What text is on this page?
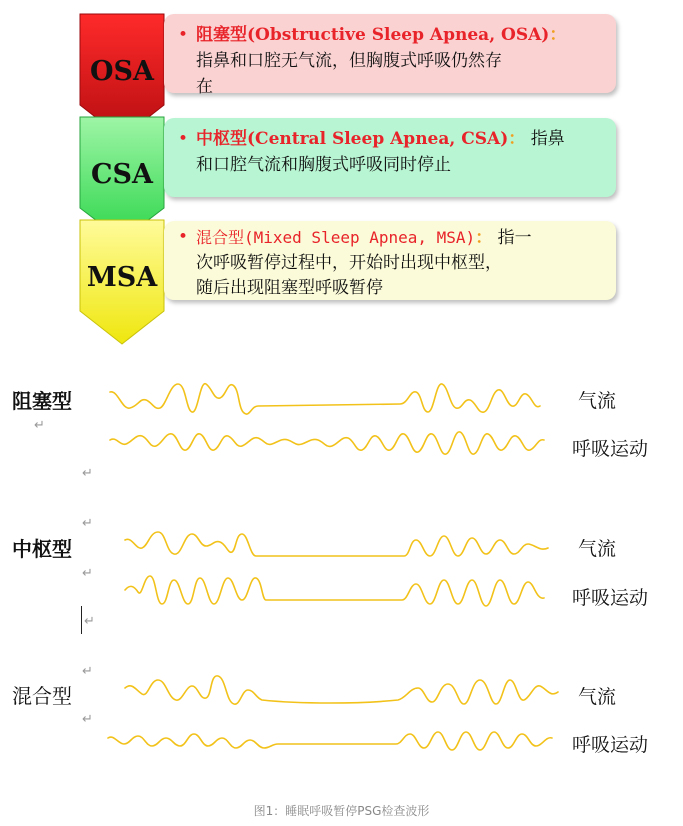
OSA
CSA
MSA
• 阻塞型(Obstructive Sleep Apnea, OSA)：
指鼻和口腔无气流，但胸腹式呼吸仍然存
在
• 中枢型(Central Sleep Apnea, CSA)： 指鼻
和口腔气流和胸腹式呼吸同时停止
• 混合型(Mixed Sleep Apnea, MSA)： 指一
次呼吸暂停过程中，开始时出现中枢型，
随后出现阻塞型呼吸暂停
阻塞型
中枢型
混合型
气流
呼吸运动
气流
呼吸运动
气流
呼吸运动
↵
↵
↵
↵
↵
↵
↵
图1：睡眠呼吸暂停PSG检查波形
